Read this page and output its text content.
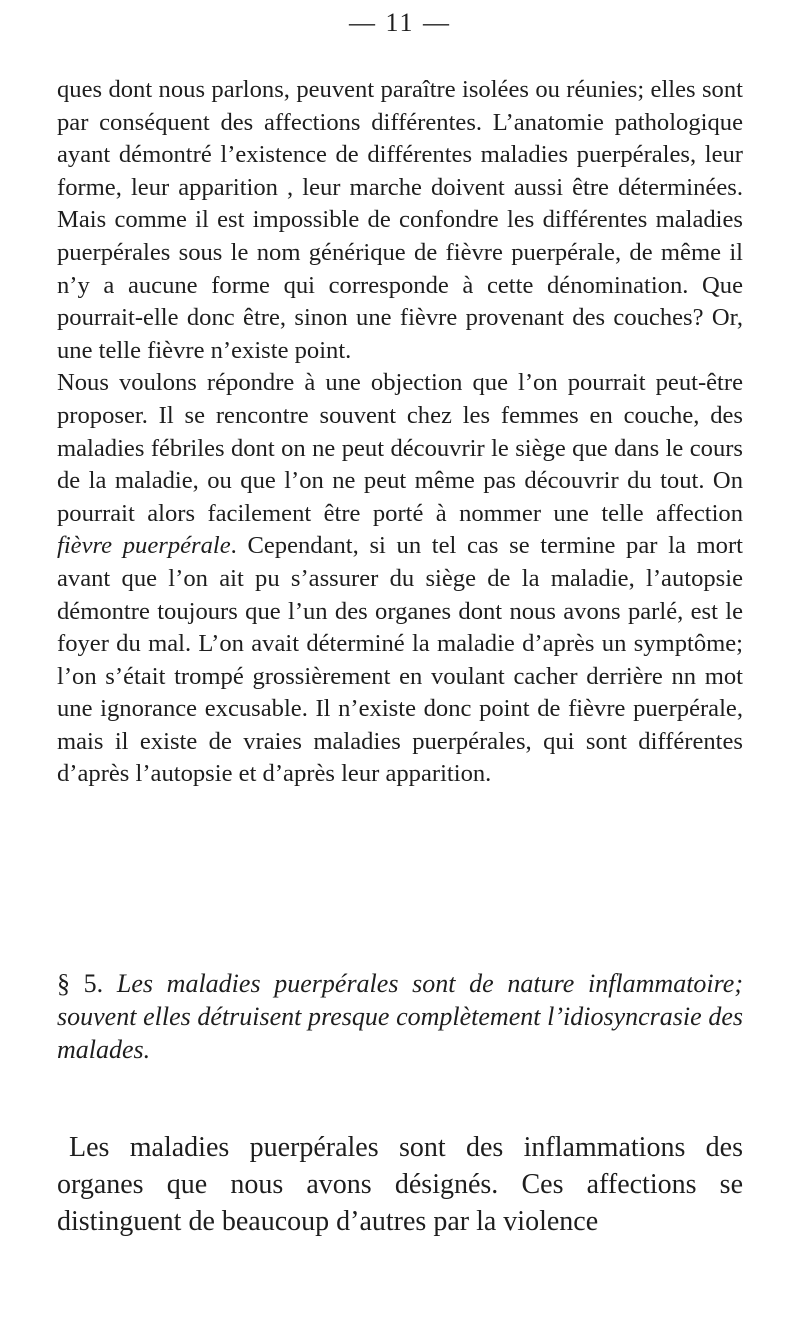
— 11 —

ques dont nous parlons, peuvent paraître isolées ou réunies; elles sont par conséquent des affections différentes. L’anatomie pathologique ayant démontré l’existence de différentes maladies puerpérales, leur forme, leur apparition , leur marche doivent aussi être déterminées. Mais comme il est impossible de confondre les différentes maladies puerpérales sous le nom générique de fièvre puerpérale, de même il n’y a aucune forme qui corresponde à cette dénomination. Que pourrait-elle donc être, sinon une fièvre provenant des couches? Or, une telle fièvre n’existe point.

Nous voulons répondre à une objection que l’on pourrait peut-être proposer. Il se rencontre souvent chez les femmes en couche, des maladies fébriles dont on ne peut découvrir le siège que dans le cours de la maladie, ou que l’on ne peut même pas découvrir du tout. On pourrait alors facilement être porté à nommer une telle affection fièvre puerpérale. Cependant, si un tel cas se termine par la mort avant que l’on ait pu s’assurer du siège de la maladie, l’autopsie démontre toujours que l’un des organes dont nous avons parlé, est le foyer du mal. L’on avait déterminé la maladie d’après un symptôme; l’on s’était trompé grossièrement en voulant cacher derrière nn mot une ignorance excusable. Il n’existe donc point de fièvre puerpérale, mais il existe de vraies maladies puerpérales, qui sont différentes d’après l’autopsie et d’après leur apparition.

§ 5. Les maladies puerpérales sont de nature inflammatoire; souvent elles détruisent presque complètement l’idiosyncrasie des malades.

Les maladies puerpérales sont des inflammations des organes que nous avons désignés. Ces affections se distinguent de beaucoup d’autres par la violence
